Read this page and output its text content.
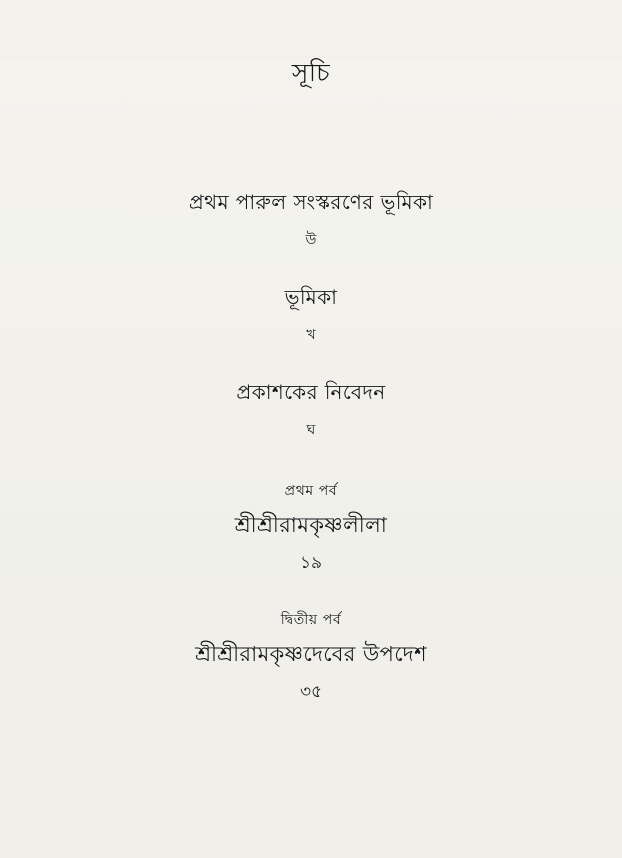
সূচি
প্রথম পারুল সংস্করণের ভূমিকা
উ
ভূমিকা
খ
প্রকাশকের নিবেদন
ঘ
প্রথম পর্ব
শ্রীশ্রীরামকৃষ্ণলীলা
১৯
দ্বিতীয় পর্ব
শ্রীশ্রীরামকৃষ্ণদেবের উপদেশ
৩৫
